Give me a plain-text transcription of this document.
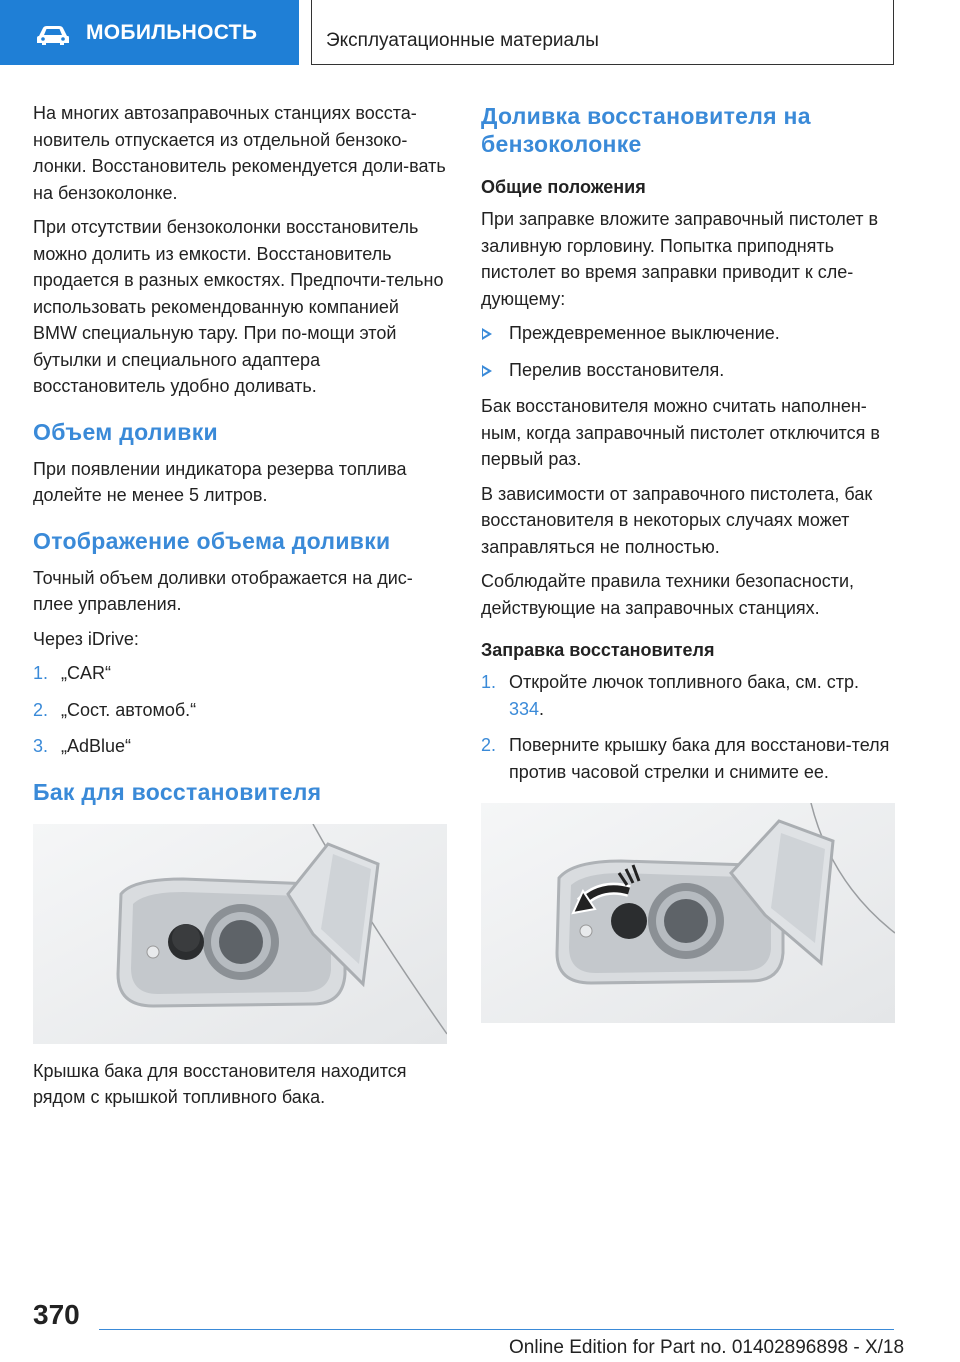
МОБИЛЬНОСТЬ	Эксплуатационные материалы

На многих автозаправочных станциях восста-новитель отпускается из отдельной бензоко-лонки. Восстановитель рекомендуется доли-вать на бензоколонке.

При отсутствии бензоколонки восстановитель можно долить из емкости. Восстановитель продается в разных емкостях. Предпочти-тельно использовать рекомендованную компанией BMW специальную тару. При по-мощи этой бутылки и специального адаптера восстановитель удобно доливать.

Объем доливки

При появлении индикатора резерва топлива долейте не менее 5 литров.

Отображение объема доливки

Точный объем доливки отображается на дис-плее управления.

Через iDrive:

1. „CAR“
2. „Сост. автомоб.“
3. „AdBlue“
Бак для восстановителя

Крышка бака для восстановителя находится рядом с крышкой топливного бака.

Доливка восстановителя на бензоколонке
Общие положения

При заправке вложите заправочный пистолет в заливную горловину. Попытка приподнять пистолет во время заправки приводит к сле-дующему:

Преждевременное выключение.
Перелив восстановителя.

Бак восстановителя можно считать наполнен-ным, когда заправочный пистолет отключится в первый раз.

В зависимости от заправочного пистолета, бак восстановителя в некоторых случаях может заправляться не полностью.

Соблюдайте правила техники безопасности, действующие на заправочных станциях.

Заправка восстановителя
1. Откройте лючок топливного бака, см. стр. 334.
2. Поверните крышку бака для восстанови-теля против часовой стрелки и снимите ее.
370
Online Edition for Part no. 01402896898 - X/18
